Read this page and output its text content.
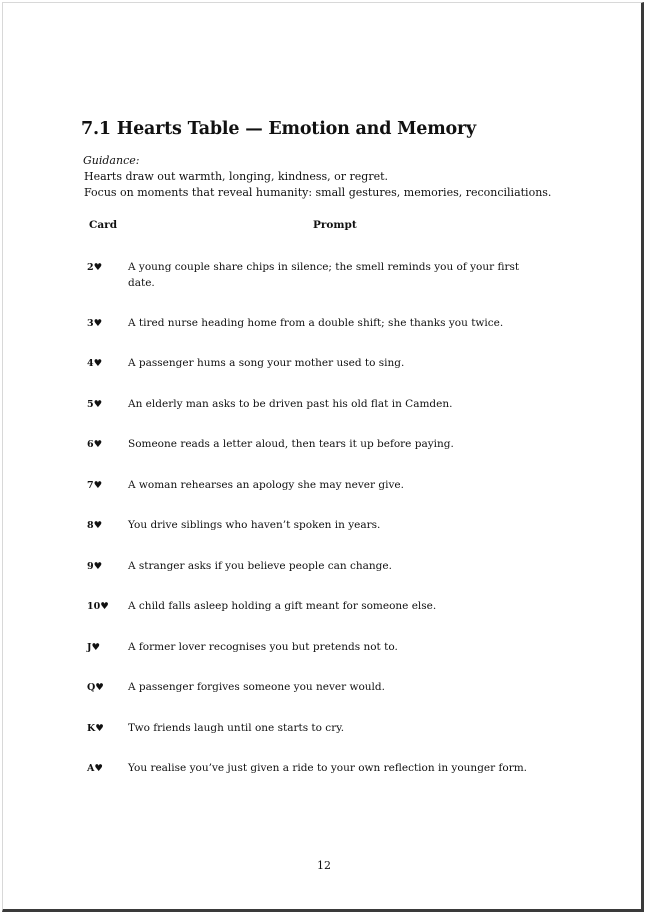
7.1 Hearts Table — Emotion and Memory
Guidance:
Hearts draw out warmth, longing, kindness, or regret.
Focus on moments that reveal humanity: small gestures, memories, reconciliations.
Card	Prompt
2♥ A young couple share chips in silence; the smell reminds you of your first date.
3♥ A tired nurse heading home from a double shift; she thanks you twice.
4♥ A passenger hums a song your mother used to sing.
5♥ An elderly man asks to be driven past his old flat in Camden.
6♥ Someone reads a letter aloud, then tears it up before paying.
7♥ A woman rehearses an apology she may never give.
8♥ You drive siblings who haven’t spoken in years.
9♥ A stranger asks if you believe people can change.
10♥ A child falls asleep holding a gift meant for someone else.
J♥	A former lover recognises you but pretends not to.
Q♥ A passenger forgives someone you never would.
K♥ Two friends laugh until one starts to cry.
A♥ You realise you’ve just given a ride to your own reflection in younger form.
12
